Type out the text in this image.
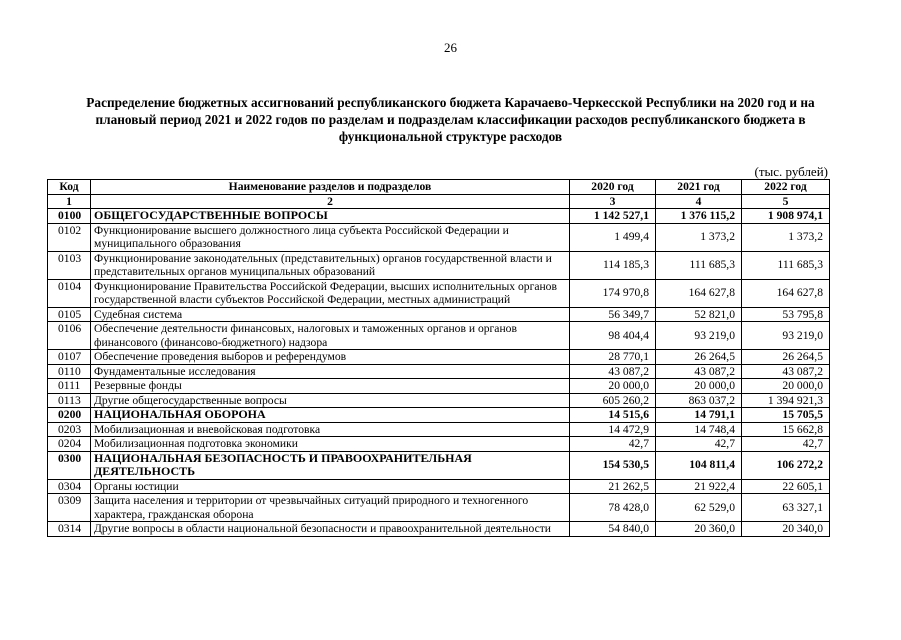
26
Распределение бюджетных ассигнований республиканского бюджета Карачаево-Черкесской Республики на 2020 год и на плановый период 2021 и 2022 годов по разделам и подразделам классификации расходов республиканского бюджета в функциональной структуре расходов
(тыс. рублей)
Код	Наименование разделов и подразделов	2020 год	2021 год	2022 год
1	2	3	4	5
0100	ОБЩЕГОСУДАРСТВЕННЫЕ ВОПРОСЫ	1 142 527,1	1 376 115,2	1 908 974,1
0102	Функционирование высшего должностного лица субъекта Российской Федерации и муниципального образования	1 499,4	1 373,2	1 373,2
0103	Функционирование законодательных (представительных) органов государственной власти и представительных органов муниципальных образований	114 185,3	111 685,3	111 685,3
0104	Функционирование Правительства Российской Федерации, высших исполнительных органов государственной власти субъектов Российской Федерации, местных администраций	174 970,8	164 627,8	164 627,8
0105	Судебная система	56 349,7	52 821,0	53 795,8
0106	Обеспечение деятельности финансовых, налоговых и таможенных органов и органов финансового (финансово-бюджетного) надзора	98 404,4	93 219,0	93 219,0
0107	Обеспечение проведения выборов и референдумов	28 770,1	26 264,5	26 264,5
0110	Фундаментальные исследования	43 087,2	43 087,2	43 087,2
0111	Резервные фонды	20 000,0	20 000,0	20 000,0
0113	Другие общегосударственные вопросы	605 260,2	863 037,2	1 394 921,3
0200	НАЦИОНАЛЬНАЯ ОБОРОНА	14 515,6	14 791,1	15 705,5
0203	Мобилизационная и вневойсковая подготовка	14 472,9	14 748,4	15 662,8
0204	Мобилизационная подготовка экономики	42,7	42,7	42,7
0300	НАЦИОНАЛЬНАЯ БЕЗОПАСНОСТЬ И ПРАВООХРАНИТЕЛЬНАЯ ДЕЯТЕЛЬНОСТЬ	154 530,5	104 811,4	106 272,2
0304	Органы юстиции	21 262,5	21 922,4	22 605,1
0309	Защита населения и территории от чрезвычайных ситуаций природного и техногенного характера, гражданская оборона	78 428,0	62 529,0	63 327,1
0314	Другие вопросы в области национальной безопасности и правоохранительной деятельности	54 840,0	20 360,0	20 340,0
